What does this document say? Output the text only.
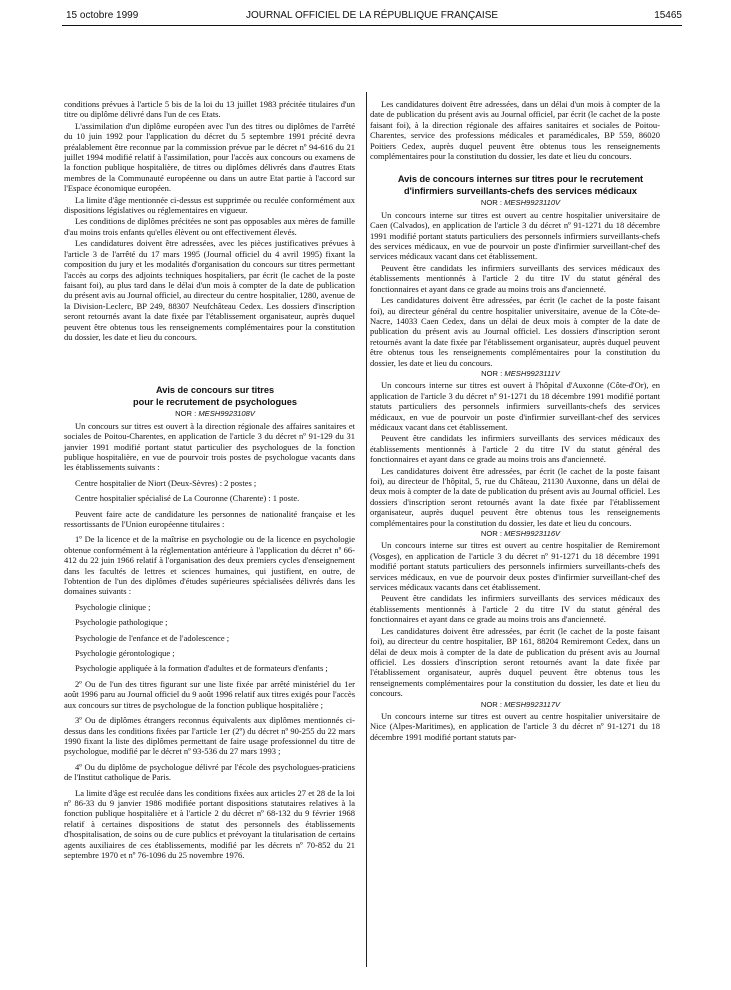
15 octobre 1999	JOURNAL OFFICIEL DE LA RÉPUBLIQUE FRANÇAISE	15465

conditions prévues à l'article 5 bis de la loi du 13 juillet 1983 précitée titulaires d'un titre ou diplôme délivré dans l'un de ces Etats.

L'assimilation d'un diplôme européen avec l'un des titres ou diplômes de l'arrêté du 10 juin 1992 pour l'application du décret du 5 septembre 1991 précité devra préalablement être reconnue par la commission prévue par le décret nº 94-616 du 21 juillet 1994 modifié relatif à l'assimilation, pour l'accès aux concours ou examens de la fonction publique hospitalière, de titres ou diplômes délivrés dans d'autres Etats membres de la Communauté européenne ou dans un autre Etat partie à l'accord sur l'Espace économique européen.

La limite d'âge mentionnée ci-dessus est supprimée ou reculée conformément aux dispositions législatives ou réglementaires en vigueur.

Les conditions de diplômes précitées ne sont pas opposables aux mères de famille d'au moins trois enfants qu'elles élèvent ou ont effectivement élevés.

Les candidatures doivent être adressées, avec les pièces justificatives prévues à l'article 3 de l'arrêté du 17 mars 1995 (Journal officiel du 4 avril 1995) fixant la composition du jury et les modalités d'organisation du concours sur titres permettant l'accès au corps des adjoints techniques hospitaliers, par écrit (le cachet de la poste faisant foi), au plus tard dans le délai d'un mois à compter de la date de publication du présent avis au Journal officiel, au directeur du centre hospitalier, 1280, avenue de la Division-Leclerc, BP 249, 88307 Neufchâteau Cedex. Les dossiers d'inscription seront retournés avant la date fixée par l'établissement organisateur, auprès duquel peuvent être obtenus tous les renseignements complémentaires pour la constitution du dossier, les date et lieu du concours.

Avis de concours sur titres

pour le recrutement de psychologues

NOR : MESH9923108V

Un concours sur titres est ouvert à la direction régionale des affaires sanitaires et sociales de Poitou-Charentes, en application de l'article 3 du décret nº 91-129 du 31 janvier 1991 modifié portant statut particulier des psychologues de la fonction publique hospitalière, en vue de pourvoir trois postes de psychologue vacants dans les établissements suivants :

Centre hospitalier de Niort (Deux-Sèvres) : 2 postes ;

Centre hospitalier spécialisé de La Couronne (Charente) : 1 poste.

Peuvent faire acte de candidature les personnes de nationalité française et les ressortissants de l'Union européenne titulaires :

1º De la licence et de la maîtrise en psychologie ou de la licence en psychologie obtenue conformément à la réglementation antérieure à l'application du décret nº 66-412 du 22 juin 1966 relatif à l'organisation des deux premiers cycles d'enseignement dans les facultés de lettres et sciences humaines, qui justifient, en outre, de l'obtention de l'un des diplômes d'études supérieures spécialisées délivrés dans les domaines suivants :

Psychologie clinique ;

Psychologie pathologique ;

Psychologie de l'enfance et de l'adolescence ;

Psychologie gérontologique ;

Psychologie appliquée à la formation d'adultes et de formateurs d'enfants ;

2º Ou de l'un des titres figurant sur une liste fixée par arrêté ministériel du 1er août 1996 paru au Journal officiel du 9 août 1996 relatif aux titres exigés pour l'accès aux concours sur titres de psychologue de la fonction publique hospitalière ;

3º Ou de diplômes étrangers reconnus équivalents aux diplômes mentionnés ci-dessus dans les conditions fixées par l'article 1er (2º) du décret nº 90-255 du 22 mars 1990 fixant la liste des diplômes permettant de faire usage professionnel du titre de psychologue, modifié par le décret nº 93-536 du 27 mars 1993 ;

4º Ou du diplôme de psychologue délivré par l'école des psychologues-praticiens de l'Institut catholique de Paris.

La limite d'âge est reculée dans les conditions fixées aux articles 27 et 28 de la loi nº 86-33 du 9 janvier 1986 modifiée portant dispositions statutaires relatives à la fonction publique hospitalière et à l'article 2 du décret nº 68-132 du 9 février 1968 relatif à certaines dispositions de statut des personnels des établissements d'hospitalisation, de soins ou de cure publics et prévoyant la titularisation de certains agents auxiliaires de ces établissements, modifié par les décrets nº 70-852 du 21 septembre 1970 et nº 76-1096 du 25 novembre 1976.

Les candidatures doivent être adressées, dans un délai d'un mois à compter de la date de publication du présent avis au Journal officiel, par écrit (le cachet de la poste faisant foi), à la direction régionale des affaires sanitaires et sociales de Poitou-Charentes, service des professions médicales et paramédicales, BP 559, 86020 Poitiers Cedex, auprès duquel peuvent être obtenus tous les renseignements complémentaires pour la constitution du dossier, les date et lieu du concours.

Avis de concours internes sur titres pour le recrutement

d'infirmiers surveillants-chefs des services médicaux

NOR : MESH9923110V

Un concours interne sur titres est ouvert au centre hospitalier universitaire de Caen (Calvados), en application de l'article 3 du décret nº 91-1271 du 18 décembre 1991 modifié portant statuts particuliers des personnels infirmiers surveillants-chefs des services médicaux, en vue de pourvoir un poste d'infirmier surveillant-chef des services médicaux vacant dans cet établissement.

Peuvent être candidats les infirmiers surveillants des services médicaux des établissements mentionnés à l'article 2 du titre IV du statut général des fonctionnaires et ayant dans ce grade au moins trois ans d'ancienneté.

Les candidatures doivent être adressées, par écrit (le cachet de la poste faisant foi), au directeur général du centre hospitalier universitaire, avenue de la Côte-de-Nacre, 14033 Caen Cedex, dans un délai de deux mois à compter de la date de publication du présent avis au Journal officiel. Les dossiers d'inscription seront retournés avant la date fixée par l'établissement organisateur, auprès duquel peuvent être obtenus tous les renseignements complémentaires pour la constitution du dossier, les date et lieu du concours.

NOR : MESH9923111V

Un concours interne sur titres est ouvert à l'hôpital d'Auxonne (Côte-d'Or), en application de l'article 3 du décret nº 91-1271 du 18 décembre 1991 modifié portant statuts particuliers des personnels infirmiers surveillants-chefs des services médicaux, en vue de pourvoir un poste d'infirmier surveillant-chef des services médicaux vacant dans cet établissement.

Peuvent être candidats les infirmiers surveillants des services médicaux des établissements mentionnés à l'article 2 du titre IV du statut général des fonctionnaires et ayant dans ce grade au moins trois ans d'ancienneté.

Les candidatures doivent être adressées, par écrit (le cachet de la poste faisant foi), au directeur de l'hôpital, 5, rue du Château, 21130 Auxonne, dans un délai de deux mois à compter de la date de publication du présent avis au Journal officiel. Les dossiers d'inscription seront retournés avant la date fixée par l'établissement organisateur, auprès duquel peuvent être obtenus tous les renseignements complémentaires pour la constitution du dossier, les date et lieu du concours.

NOR : MESH9923116V

Un concours interne sur titres est ouvert au centre hospitalier de Remiremont (Vosges), en application de l'article 3 du décret nº 91-1271 du 18 décembre 1991 modifié portant statuts particuliers des personnels infirmiers surveillants-chefs des services médicaux, en vue de pourvoir deux postes d'infirmier surveillant-chef des services médicaux vacants dans cet établissement.

Peuvent être candidats les infirmiers surveillants des services médicaux des établissements mentionnés à l'article 2 du titre IV du statut général des fonctionnaires et ayant dans ce grade au moins trois ans d'ancienneté.

Les candidatures doivent être adressées, par écrit (le cachet de la poste faisant foi), au directeur du centre hospitalier, BP 161, 88204 Remiremont Cedex, dans un délai de deux mois à compter de la date de publication du présent avis au Journal officiel. Les dossiers d'inscription seront retournés avant la date fixée par l'établissement organisateur, auprès duquel peuvent être obtenus tous les renseignements complémentaires pour la constitution du dossier, les date et lieu du concours.

NOR : MESH9923117V

Un concours interne sur titres est ouvert au centre hospitalier universitaire de Nice (Alpes-Maritimes), en application de l'article 3 du décret nº 91-1271 du 18 décembre 1991 modifié portant statuts par-
